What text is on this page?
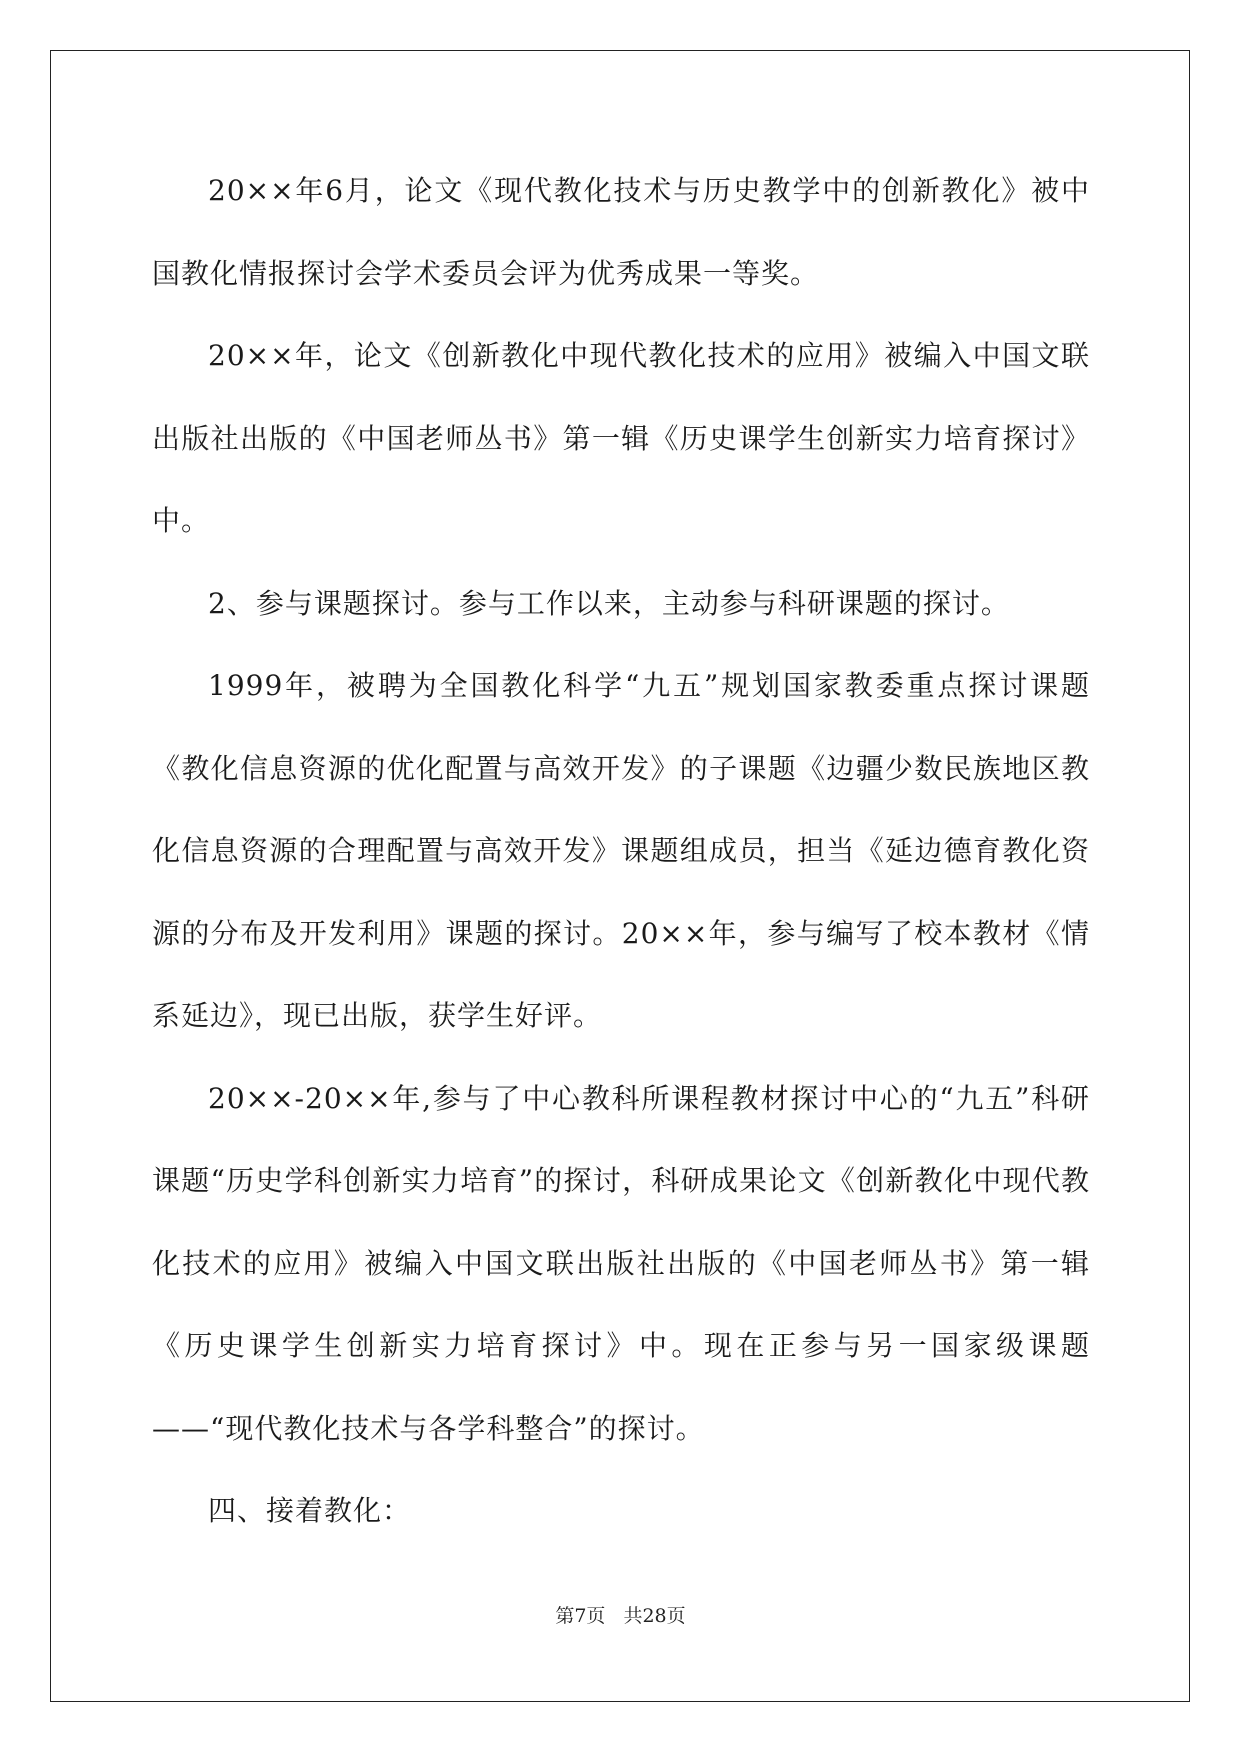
20××年6月，论文《现代教化技术与历史教学中的创新教化》被中国教化情报探讨会学术委员会评为优秀成果一等奖。

20××年，论文《创新教化中现代教化技术的应用》被编入中国文联出版社出版的《中国老师丛书》第一辑《历史课学生创新实力培育探讨》中。

2、参与课题探讨。参与工作以来，主动参与科研课题的探讨。

1999年，被聘为全国教化科学“九五”规划国家教委重点探讨课题《教化信息资源的优化配置与高效开发》的子课题《边疆少数民族地区教化信息资源的合理配置与高效开发》课题组成员，担当《延边德育教化资源的分布及开发利用》课题的探讨。20××年，参与编写了校本教材《情系延边》，现已出版，获学生好评。

20××-20××年,参与了中心教科所课程教材探讨中心的“九五”科研课题“历史学科创新实力培育”的探讨，科研成果论文《创新教化中现代教化技术的应用》被编入中国文联出版社出版的《中国老师丛书》第一辑《历史课学生创新实力培育探讨》中。现在正参与另一国家级课题——“现代教化技术与各学科整合”的探讨。

四、接着教化：

第7页 共28页
